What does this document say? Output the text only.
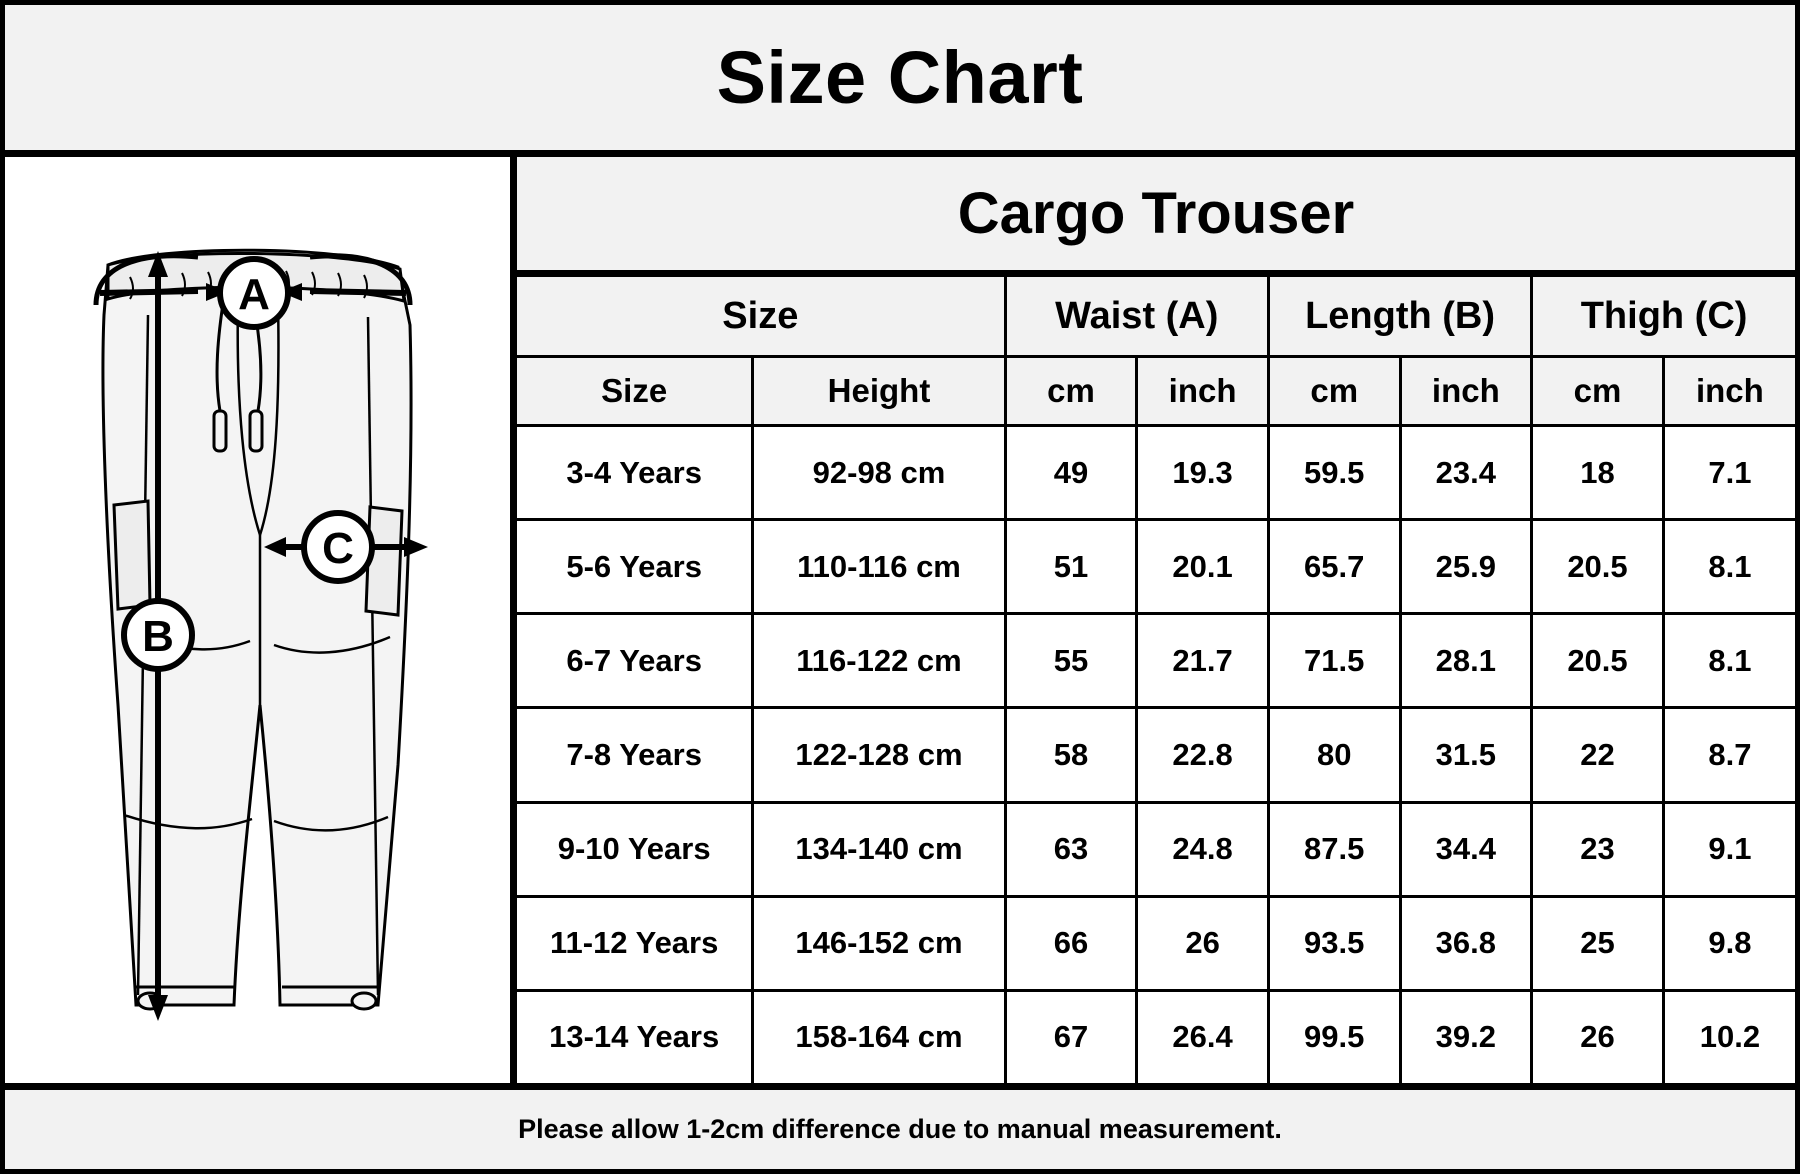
Size Chart
A
B
C
Cargo Trouser
Size		Waist (A)		Length (B)		Thigh (C)	
Size	Height	cm	inch	cm	inch	cm	inch
3-4 Years	92-98 cm	49	19.3	59.5	23.4	18	7.1
5-6 Years	110-116 cm	51	20.1	65.7	25.9	20.5	8.1
6-7 Years	116-122 cm	55	21.7	71.5	28.1	20.5	8.1
7-8 Years	122-128 cm	58	22.8	80	31.5	22	8.7
9-10 Years	134-140 cm	63	24.8	87.5	34.4	23	9.1
11-12 Years	146-152 cm	66	26	93.5	36.8	25	9.8
13-14 Years	158-164 cm	67	26.4	99.5	39.2	26	10.2
Please allow 1-2cm difference due to manual measurement.
